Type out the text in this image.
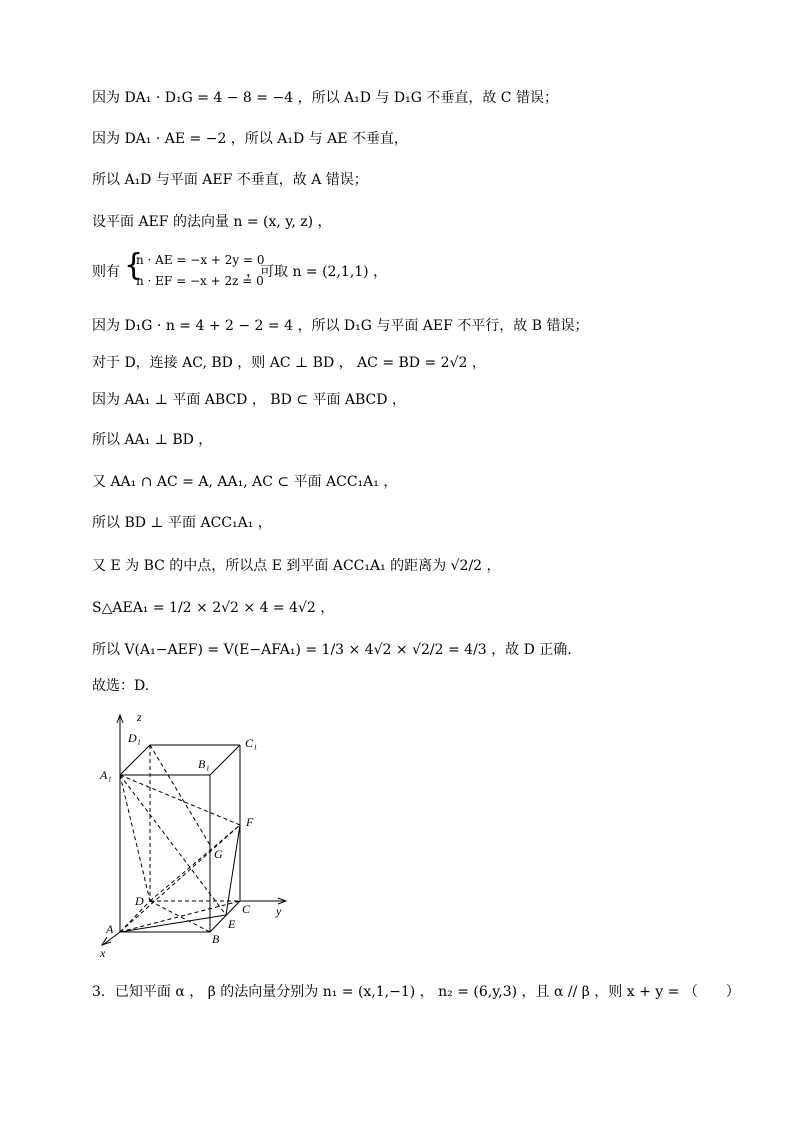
因为 DA₁ · D₁G = 4 − 8 = −4 ，所以 A₁D 与 D₁G 不垂直，故 C 错误；
因为 DA₁ · AE = −2 ，所以 A₁D 与 AE 不垂直，
所以 A₁D 与平面 AEF 不垂直，故 A 错误；
设平面 AEF 的法向量 n = (x, y, z) ，
则有 {
n · AE = −x + 2y = 0
n · EF = −x + 2z = 0
，可取 n = (2,1,1) ，
因为 D₁G · n = 4 + 2 − 2 = 4 ，所以 D₁G 与平面 AEF 不平行，故 B 错误；
对于 D，连接 AC, BD ，则 AC ⊥ BD ， AC = BD = 2√2 ，
因为 AA₁ ⊥ 平面 ABCD ， BD ⊂ 平面 ABCD ，
所以 AA₁ ⊥ BD ，
又 AA₁ ∩ AC = A, AA₁, AC ⊂ 平面 ACC₁A₁ ，
所以 BD ⊥ 平面 ACC₁A₁ ，
又 E 为 BC 的中点，所以点 E 到平面 ACC₁A₁ 的距离为 √2/2 ，
S△AEA₁ = 1/2 × 2√2 × 4 = 4√2 ，
所以 V(A₁−AEF) = V(E−AFA₁) = 1/3 × 4√2 × √2/2 = 4/3 ，故 D 正确.
故选：D.
z
y
x
D₁	C₁
B₁
A₁
F
G
D
C
E
A
B
3．已知平面 α ， β 的法向量分别为 n₁ = (x,1,−1) ， n₂ = (6,y,3) ，且 α // β ，则 x + y = （　　）
